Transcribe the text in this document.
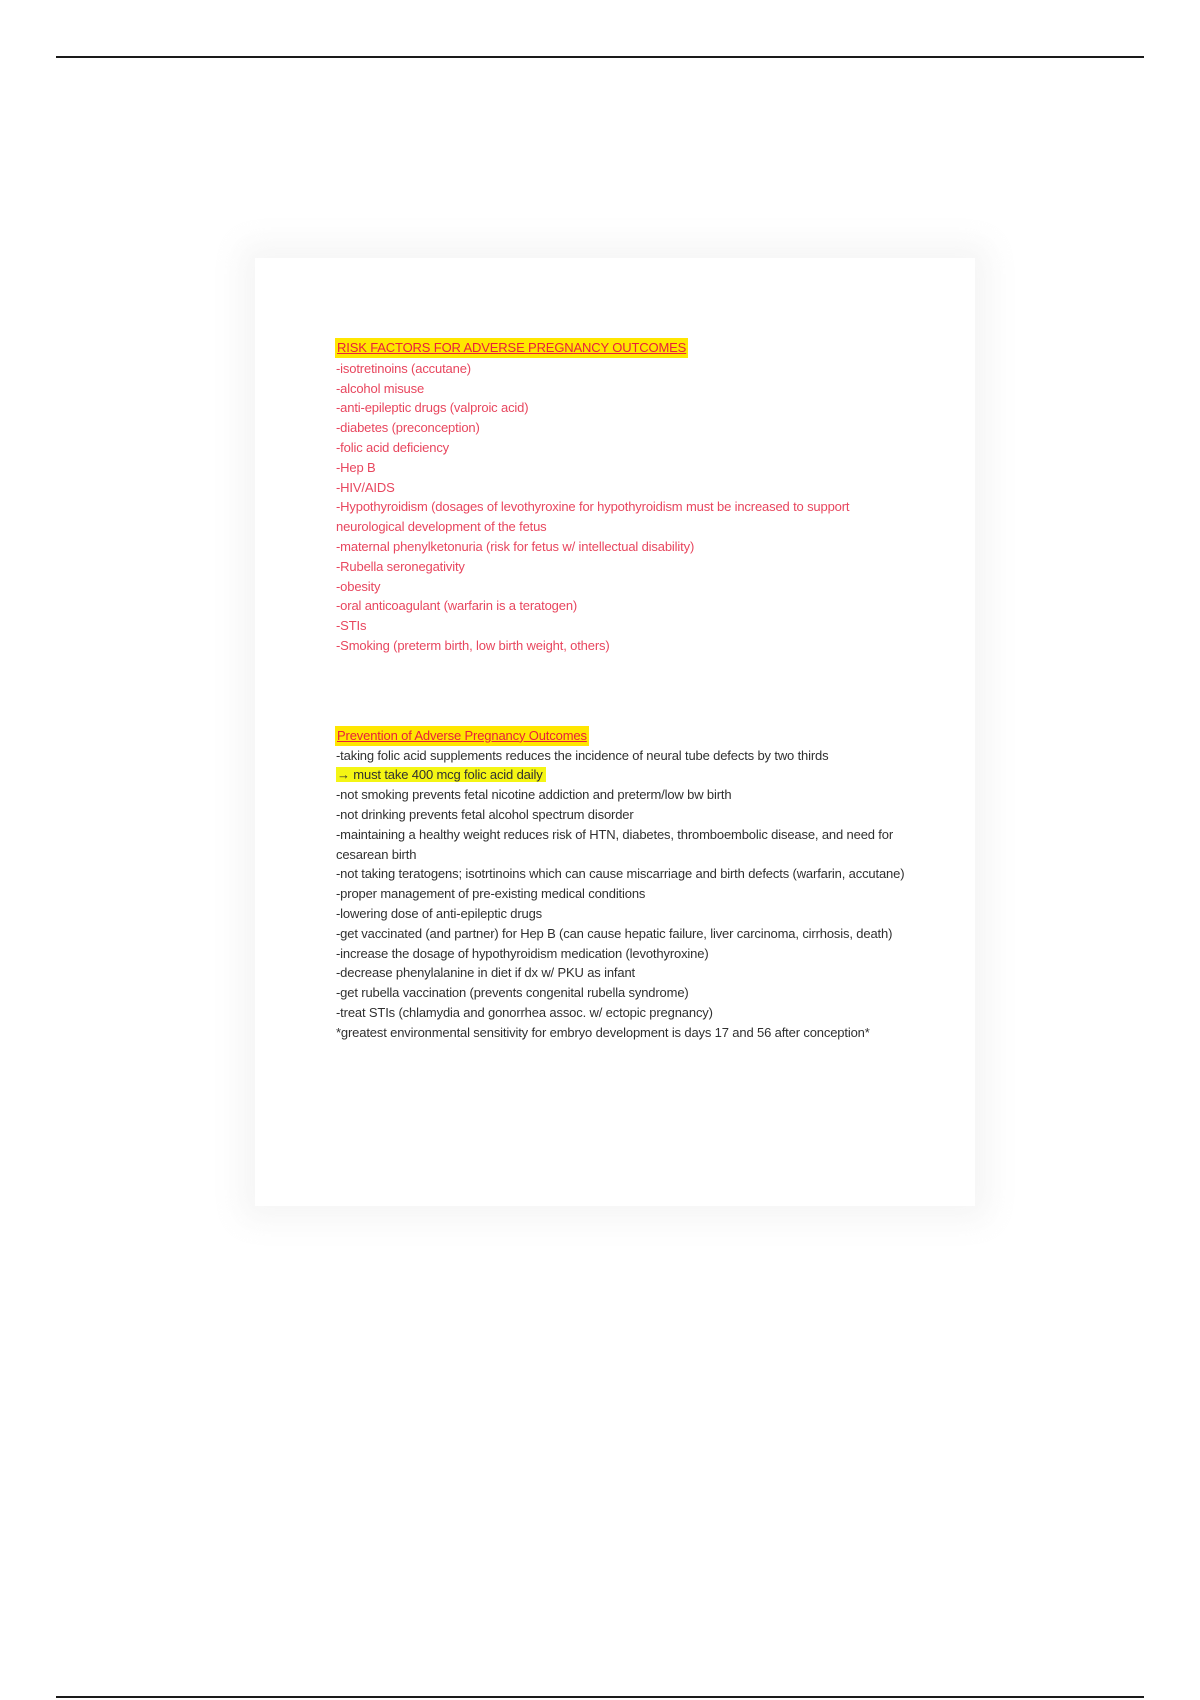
RISK FACTORS FOR ADVERSE PREGNANCY OUTCOMES
-isotretinoins (accutane)
-alcohol misuse
-anti-epileptic drugs (valproic acid)
-diabetes (preconception)
-folic acid deficiency
-Hep B
-HIV/AIDS
-Hypothyroidism (dosages of levothyroxine for hypothyroidism must be increased to support neurological development of the fetus
-maternal phenylketonuria (risk for fetus w/ intellectual disability)
-Rubella seronegativity
-obesity
-oral anticoagulant (warfarin is a teratogen)
-STIs
-Smoking (preterm birth, low birth weight, others)
Prevention of Adverse Pregnancy Outcomes
-taking folic acid supplements reduces the incidence of neural tube defects by two thirds
→ must take 400 mcg folic acid daily
-not smoking prevents fetal nicotine addiction and preterm/low bw birth
-not drinking prevents fetal alcohol spectrum disorder
-maintaining a healthy weight reduces risk of HTN, diabetes, thromboembolic disease, and need for cesarean birth
-not taking teratogens; isotrtinoins which can cause miscarriage and birth defects (warfarin, accutane)
-proper management of pre-existing medical conditions
-lowering dose of anti-epileptic drugs
-get vaccinated (and partner) for Hep B (can cause hepatic failure, liver carcinoma, cirrhosis, death)
-increase the dosage of hypothyroidism medication (levothyroxine)
-decrease phenylalanine in diet if dx w/ PKU as infant
-get rubella vaccination (prevents congenital rubella syndrome)
-treat STIs (chlamydia and gonorrhea assoc. w/ ectopic pregnancy)
*greatest environmental sensitivity for embryo development is days 17 and 56 after conception*
